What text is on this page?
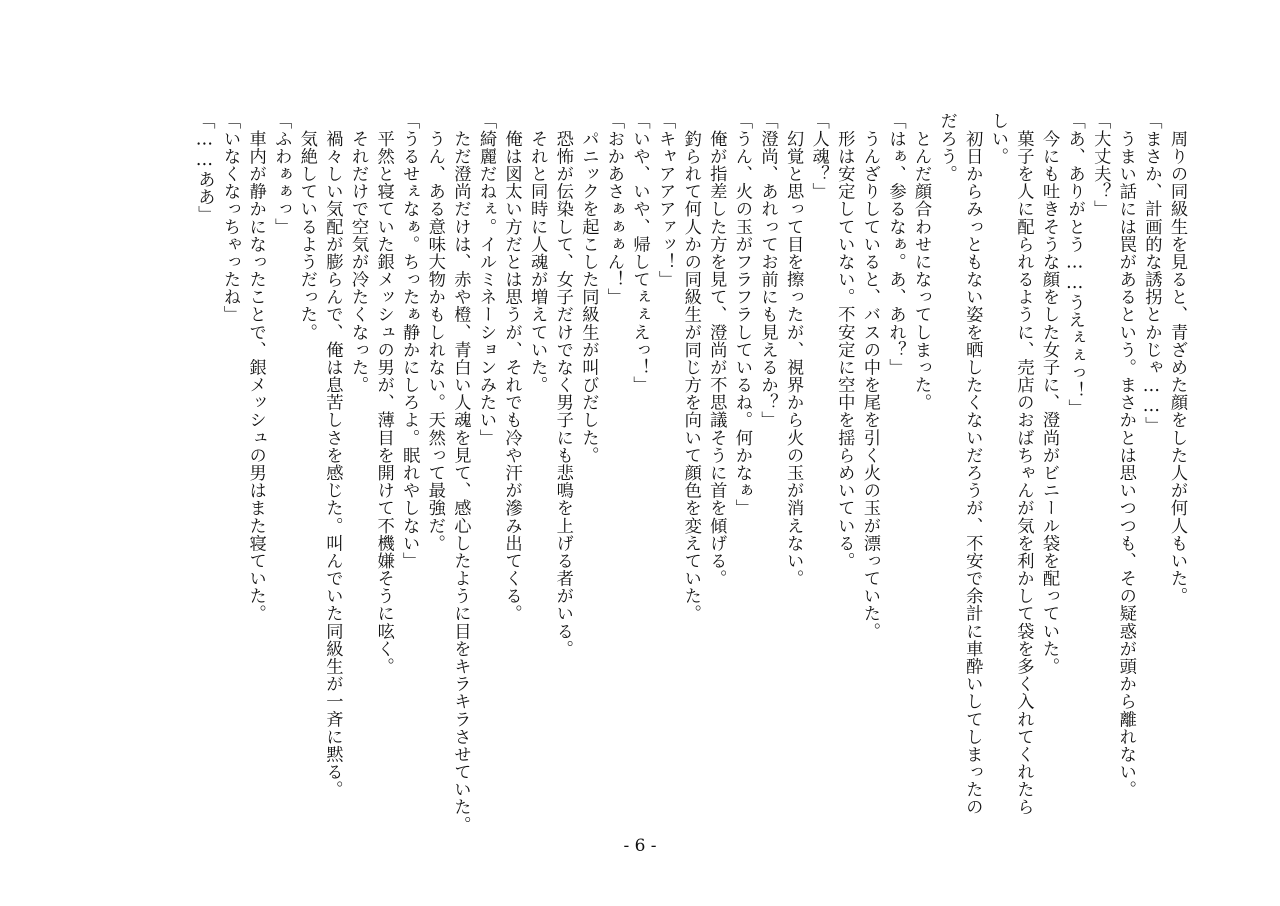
　周りの同級生を見ると、青ざめた顔をした人が何人もいた。
「まさか、計画的な誘拐とかじゃ……」
　うまい話には罠があるという。まさかとは思いつつも、その疑惑が頭から離れない。
「大丈夫？」
「あ、ありがとう……うえぇぇっ！」
　今にも吐きそうな顔をした女子に、澄尚がビニール袋を配っていた。
　菓子を人に配られるように、売店のおばちゃんが気を利かして袋を多く入れてくれたら
しい。
　初日からみっともない姿を晒したくないだろうが、不安で余計に車酔いしてしまったの
だろう。
　とんだ顔合わせになってしまった。
「はぁ、参るなぁ。あ、あれ？」
　うんざりしていると、バスの中を尾を引く火の玉が漂っていた。
　形は安定していない。不安定に空中を揺らめいている。
「人魂？」
　幻覚と思って目を擦ったが、視界から火の玉が消えない。
「澄尚、あれってお前にも見えるか？」
「うん、火の玉がフラフラしているね。何かなぁ」
　俺が指差した方を見て、澄尚が不思議そうに首を傾げる。
　釣られて何人かの同級生が同じ方を向いて顔色を変えていた。
「キャアアアァッ！」
「いや、いや、帰してぇぇえっ！」
「おかあさぁぁぁん！」
　パニックを起こした同級生が叫びだした。
　恐怖が伝染して、女子だけでなく男子にも悲鳴を上げる者がいる。
　それと同時に人魂が増えていた。
　俺は図太い方だとは思うが、それでも冷や汗が滲み出てくる。
「綺麗だねぇ。イルミネーションみたい」
　ただ澄尚だけは、赤や橙、青白い人魂を見て、感心したように目をキラキラさせていた。
　うん、ある意味大物かもしれない。天然って最強だ。
「うるせぇなぁ。ちったぁ静かにしろよ。眠れやしない」
　平然と寝ていた銀メッシュの男が、薄目を開けて不機嫌そうに呟く。
　それだけで空気が冷たくなった。
　禍々しい気配が膨らんで、俺は息苦しさを感じた。叫んでいた同級生が一斉に黙る。
　気絶しているようだった。
「ふわぁぁっ」
　車内が静かになったことで、銀メッシュの男はまた寝ていた。
「いなくなっちゃったね」
「……ああ」
- 6 -
